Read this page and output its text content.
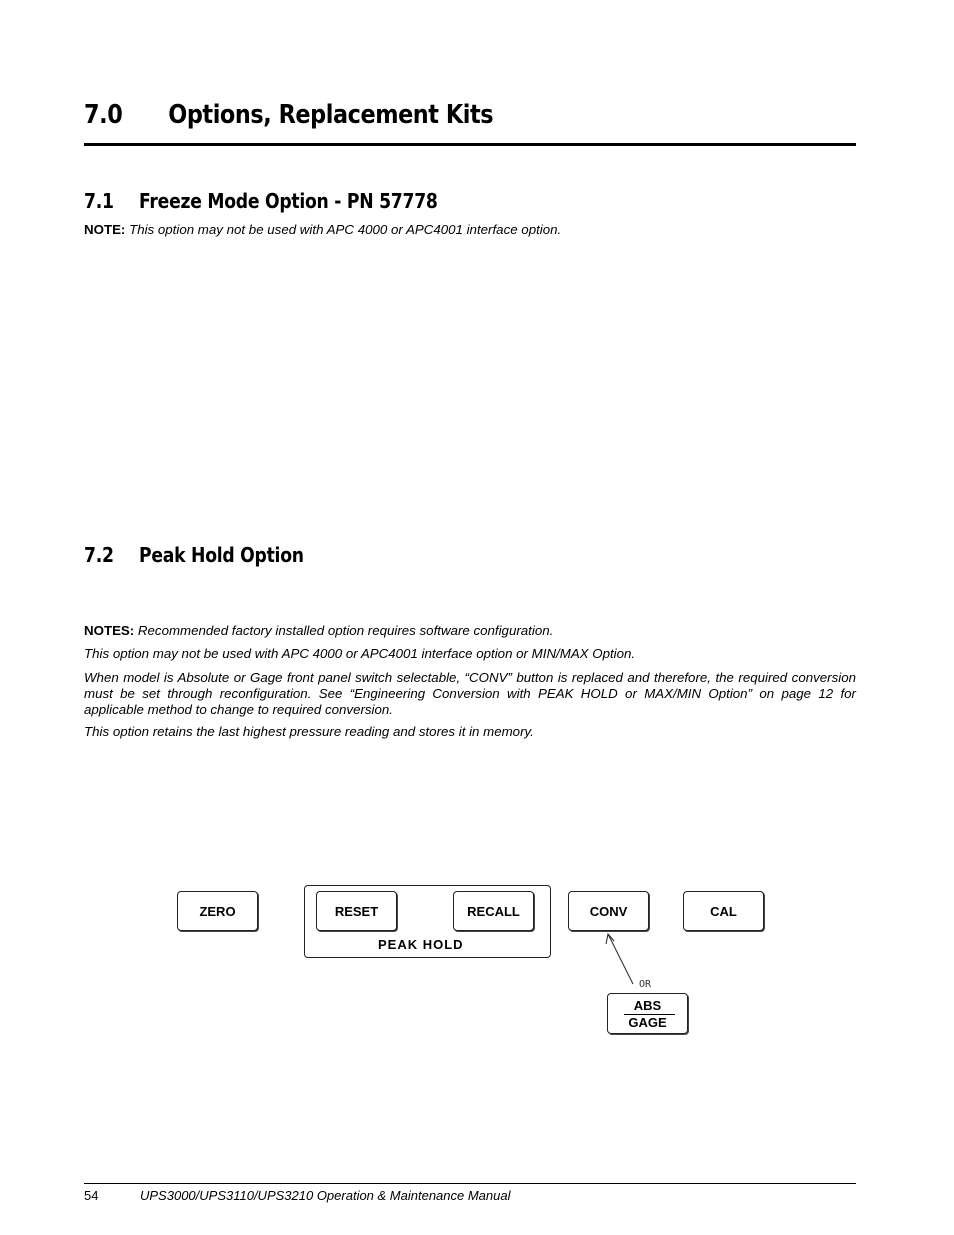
7.0 Options, Replacement Kits
7.1 Freeze Mode Option - PN 57778

NOTE: This option may not be used with APC 4000 or APC4001 interface option.

7.2 Peak Hold Option

NOTES: Recommended factory installed option requires software configuration.

This option may not be used with APC 4000 or APC4001 interface option or MIN/MAX Option.

When model is Absolute or Gage front panel switch selectable, “CONV” button is replaced and therefore, the required conversion must be set through reconfiguration. See “Engineering Conversion with PEAK HOLD or MAX/MIN Option” on page 12 for applicable method to change to required conversion.

This option retains the last highest pressure reading and stores it in memory.

ZERO	RESET	RECALL
PEAK HOLD
CONV	CAL
OR
ABS
GAGE
54	UPS3000/UPS3110/UPS3210 Operation & Maintenance Manual
